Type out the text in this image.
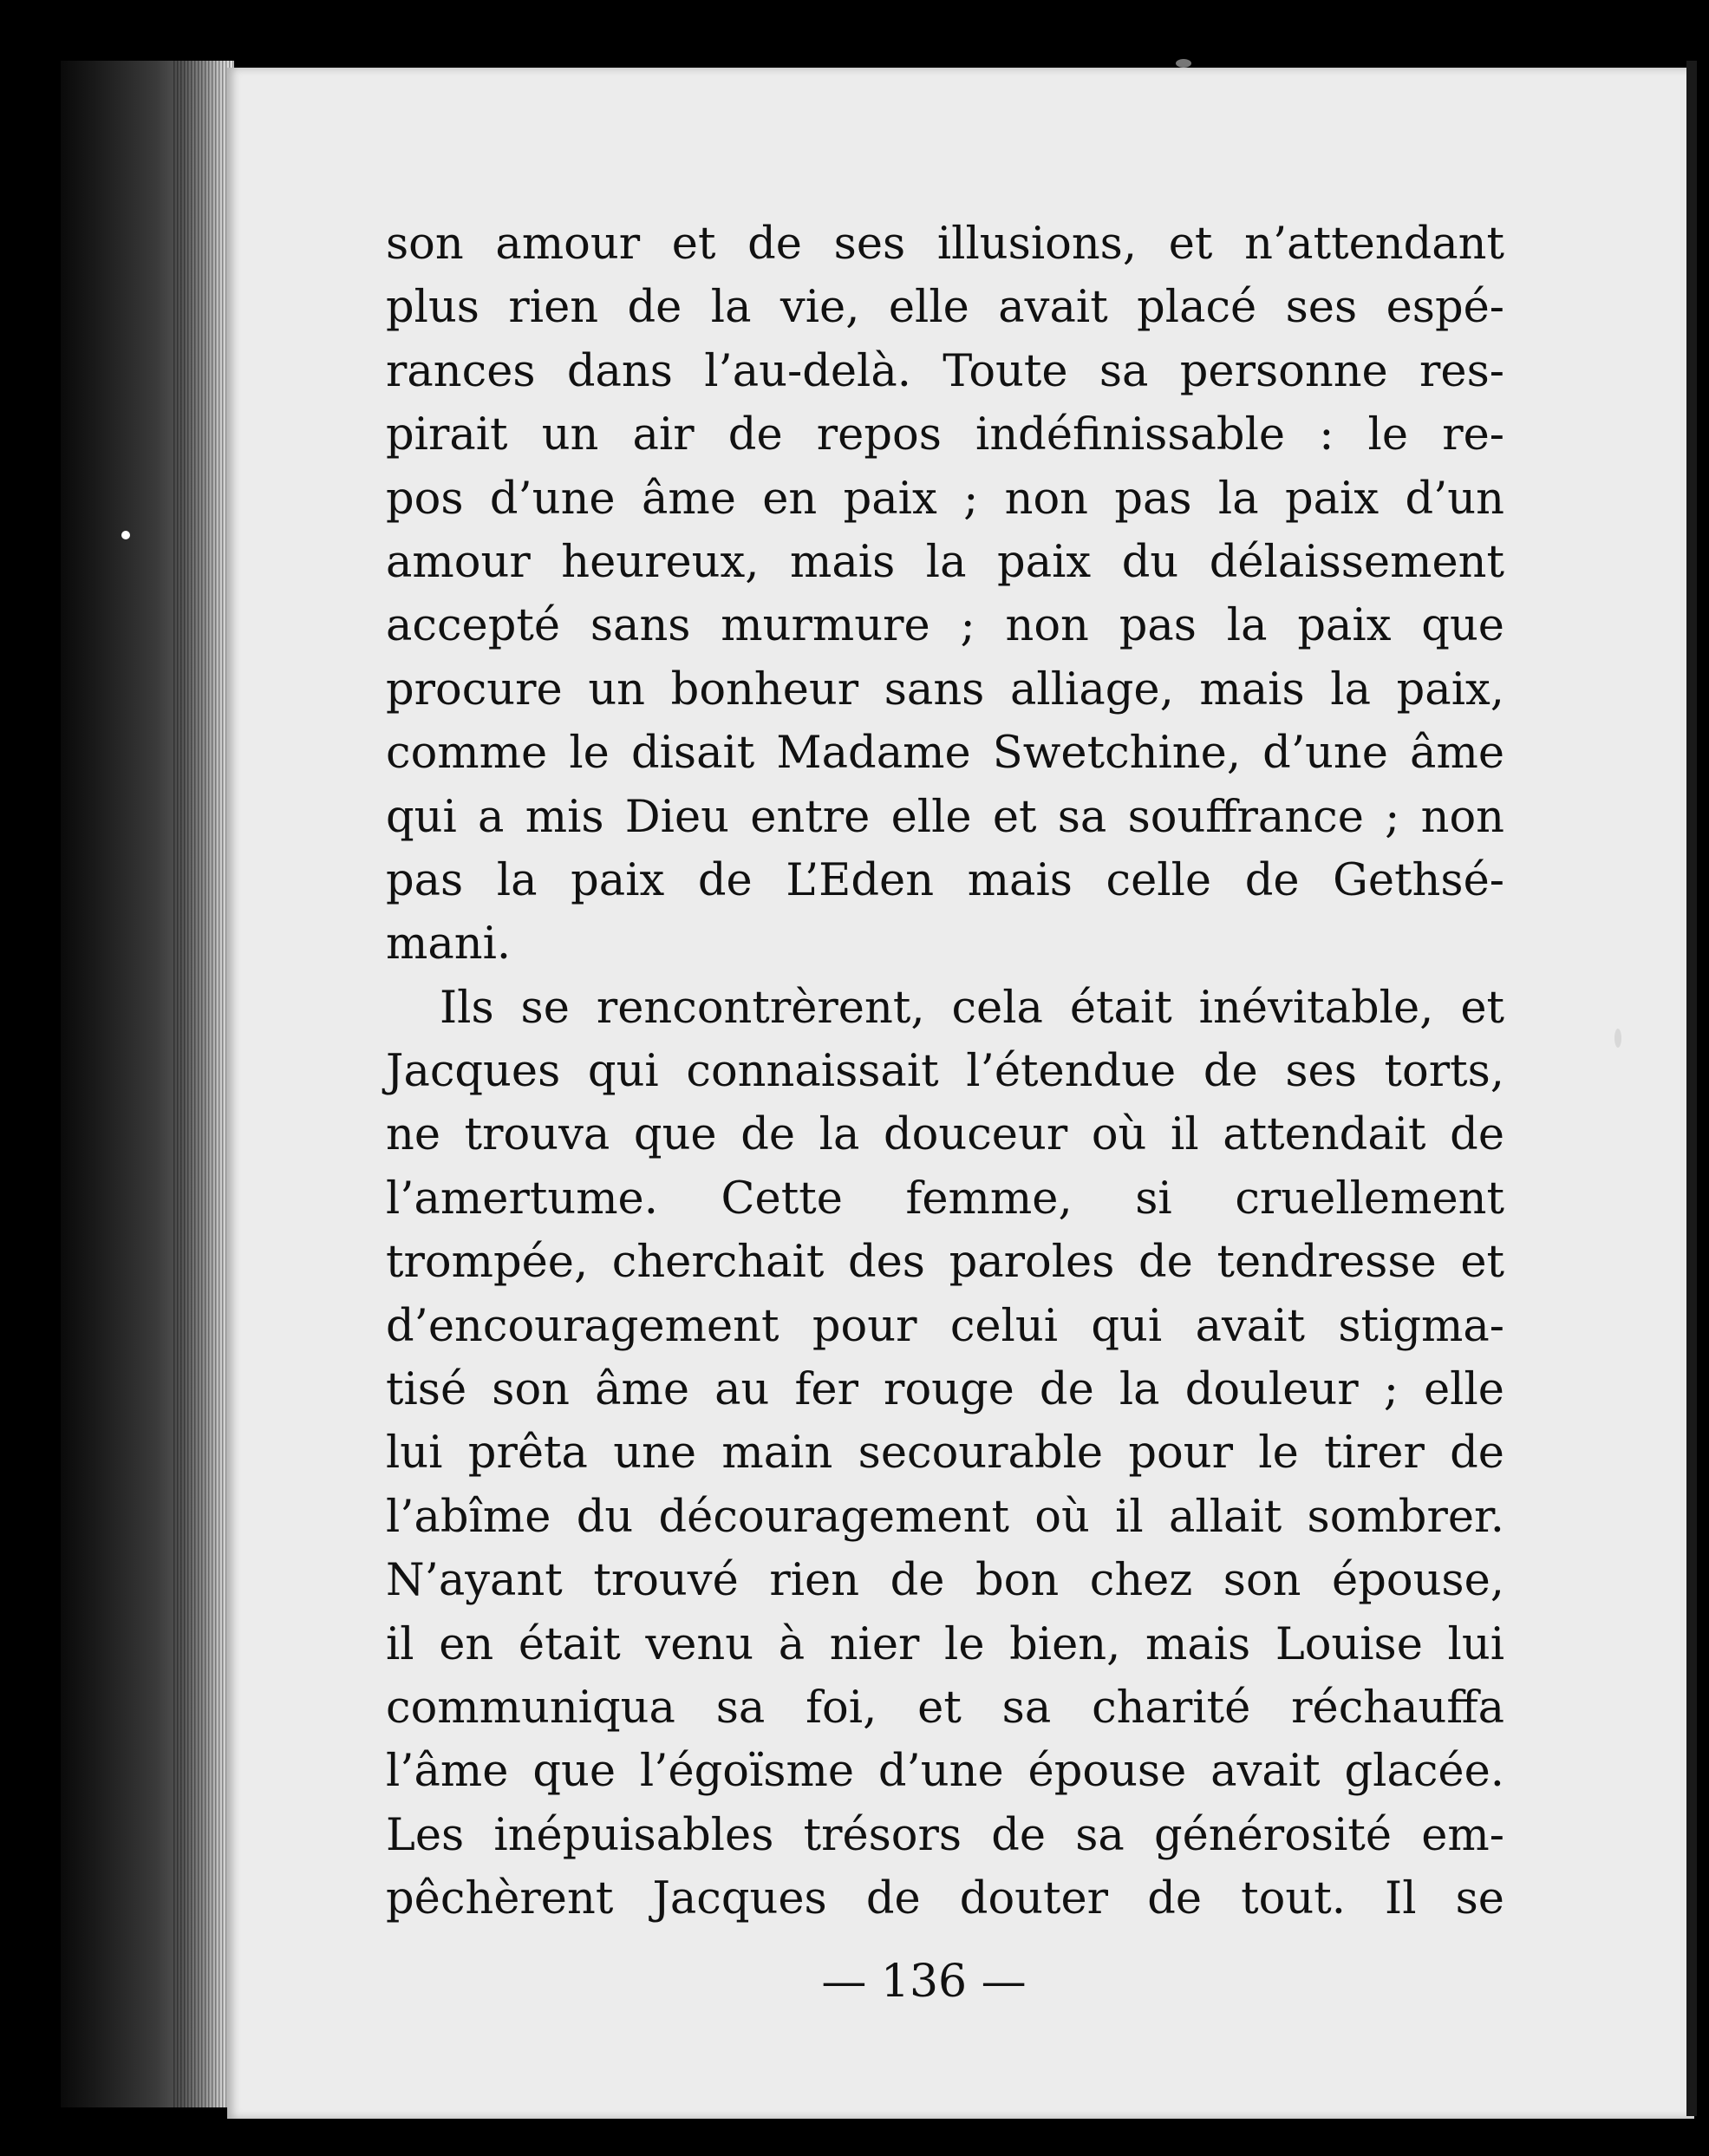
son amour et de ses illusions, et n’attendant
plus rien de la vie, elle avait placé ses espé-
rances dans l’au-delà. Toute sa personne res-
pirait un air de repos indéfinissable : le re-
pos d’une âme en paix ; non pas la paix d’un
amour heureux, mais la paix du délaissement
accepté sans murmure ; non pas la paix que
procure un bonheur sans alliage, mais la paix,
comme le disait Madame Swetchine, d’une âme
qui a mis Dieu entre elle et sa souffrance ; non
pas la paix de L’Eden mais celle de Gethsé-
mani.
Ils se rencontrèrent, cela était inévitable, et
Jacques qui connaissait l’étendue de ses torts,
ne trouva que de la douceur où il attendait de
l’amertume. Cette femme, si cruellement
trompée, cherchait des paroles de tendresse et
d’encouragement pour celui qui avait stigma-
tisé son âme au fer rouge de la douleur ; elle
lui prêta une main secourable pour le tirer de
l’abîme du découragement où il allait sombrer.
N’ayant trouvé rien de bon chez son épouse,
il en était venu à nier le bien, mais Louise lui
communiqua sa foi, et sa charité réchauffa
l’âme que l’égoïsme d’une épouse avait glacée.
Les inépuisables trésors de sa générosité em-
pêchèrent Jacques de douter de tout. Il se
— 136 —
